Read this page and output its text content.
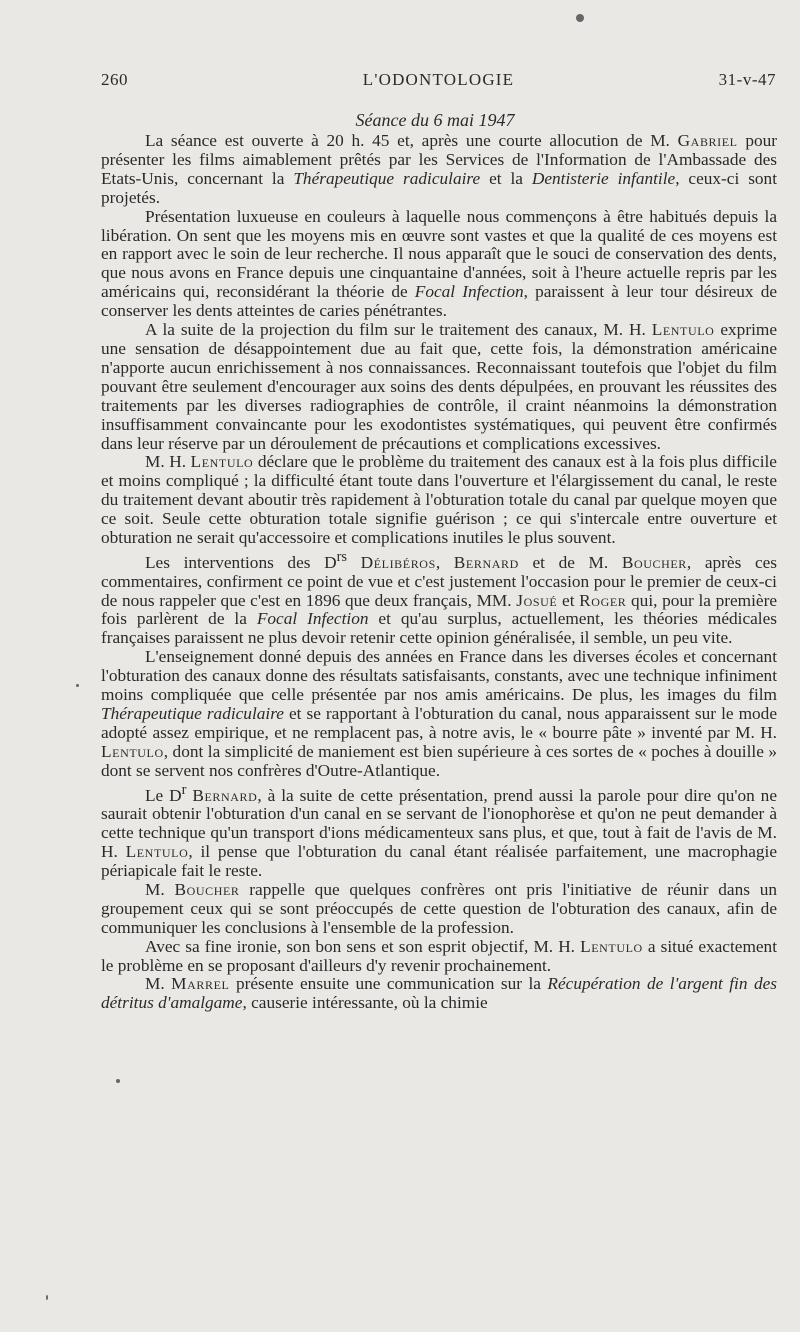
260	L'ODONTOLOGIE	31-v-47
Séance du 6 mai 1947

La séance est ouverte à 20 h. 45 et, après une courte allocution de M. Gabriel pour présenter les films aimablement prêtés par les Services de l'Information de l'Ambassade des Etats-Unis, concernant la Thérapeutique radiculaire et la Dentisterie infantile, ceux-ci sont projetés.

Présentation luxueuse en couleurs à laquelle nous commençons à être habitués depuis la libération. On sent que les moyens mis en œuvre sont vastes et que la qualité de ces moyens est en rapport avec le soin de leur recherche. Il nous apparaît que le souci de conservation des dents, que nous avons en France depuis une cinquantaine d'années, soit à l'heure actuelle repris par les américains qui, reconsidérant la théorie de Focal Infection, paraissent à leur tour désireux de conserver les dents atteintes de caries pénétrantes.

A la suite de la projection du film sur le traitement des canaux, M. H. Lentulo exprime une sensation de désappointement due au fait que, cette fois, la démonstration américaine n'apporte aucun enrichissement à nos connaissances. Reconnaissant toutefois que l'objet du film pouvant être seulement d'encourager aux soins des dents dépulpées, en prouvant les réussites des traitements par les diverses radiographies de contrôle, il craint néanmoins la démonstration insuffisamment convaincante pour les exodontistes systématiques, qui peuvent être confirmés dans leur réserve par un déroulement de précautions et complications excessives.

M. H. Lentulo déclare que le problème du traitement des canaux est à la fois plus difficile et moins compliqué ; la difficulté étant toute dans l'ouverture et l'élargissement du canal, le reste du traitement devant aboutir très rapidement à l'obturation totale du canal par quelque moyen que ce soit. Seule cette obturation totale signifie guérison ; ce qui s'intercale entre ouverture et obturation ne serait qu'accessoire et complications inutiles le plus souvent.

Les interventions des $D^{rs}$ Délibéros, Bernard et de M. Boucher, après ces commentaires, confirment ce point de vue et c'est justement l'occasion pour le premier de ceux-ci de nous rappeler que c'est en 1896 que deux français, MM. Josué et Roger qui, pour la première fois parlèrent de la Focal Infection et qu'au surplus, actuellement, les théories médicales françaises paraissent ne plus devoir retenir cette opinion généralisée, il semble, un peu vite.

L'enseignement donné depuis des années en France dans les diverses écoles et concernant l'obturation des canaux donne des résultats satisfaisants, constants, avec une technique infiniment moins compliquée que celle présentée par nos amis américains. De plus, les images du film Thérapeutique radiculaire et se rapportant à l'obturation du canal, nous apparaissent sur le mode adopté assez empirique, et ne remplacent pas, à notre avis, le « bourre pâte » inventé par M. H. Lentulo, dont la simplicité de maniement est bien supérieure à ces sortes de « poches à douille » dont se servent nos confrères d'Outre-Atlantique.

Le $D^r$ Bernard, à la suite de cette présentation, prend aussi la parole pour dire qu'on ne saurait obtenir l'obturation d'un canal en se servant de l'ionophorèse et qu'on ne peut demander à cette technique qu'un transport d'ions médicamenteux sans plus, et que, tout à fait de l'avis de M. H. Lentulo, il pense que l'obturation du canal étant réalisée parfaitement, une macrophagie périapicale fait le reste.

M. Boucher rappelle que quelques confrères ont pris l'initiative de réunir dans un groupement ceux qui se sont préoccupés de cette question de l'obturation des canaux, afin de communiquer les conclusions à l'ensemble de la profession.

Avec sa fine ironie, son bon sens et son esprit objectif, M. H. Lentulo a situé exactement le problème en se proposant d'ailleurs d'y revenir prochainement.

M. Marrel présente ensuite une communication sur la Récupération de l'argent fin des détritus d'amalgame, causerie intéressante, où la chimie
